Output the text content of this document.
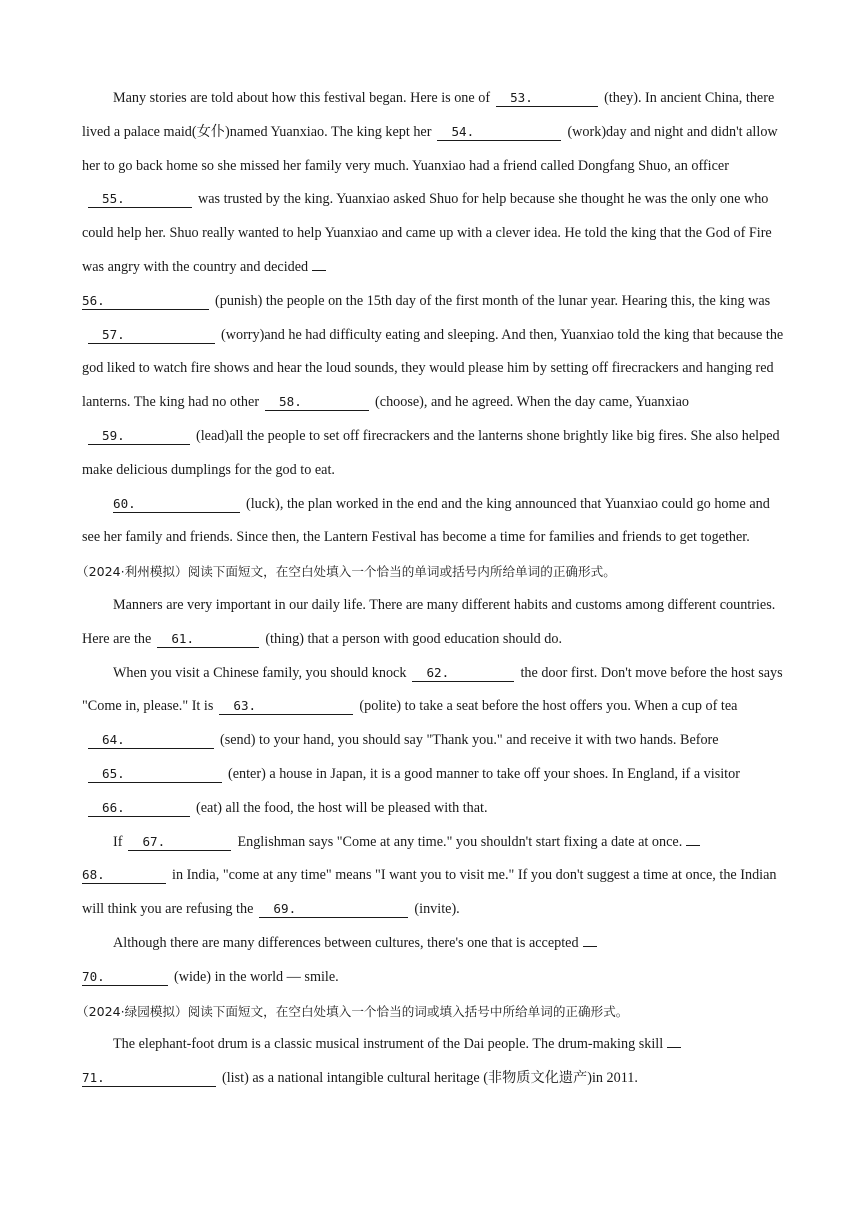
Many stories are told about how this festival began. Here is one of 53.	(they). In ancient China, there lived a palace maid(女仆)named Yuanxiao. The king kept her 54.	(work)day and night and didn't allow her to go back home so she missed her family very much. Yuanxiao had a friend called Dongfang Shuo, an officer55.	was trusted by the king. Yuanxiao asked Shuo for help because she thought he was the only one who could help her. Shuo really wanted to help Yuanxiao and came up with a clever idea. He told the king that the God of Fire was angry with the country and decided
56.	(punish) the people on the 15th day of the first month of the lunar year. Hearing this, the king was57.	(worry)and he had difficulty eating and sleeping. And then, Yuanxiao told the king that because the god liked to watch fire shows and hear the loud sounds, they would please him by setting off firecrackers and hanging red lanterns. The king had no other 58.	(choose), and he agreed. When the day came, Yuanxiao59.	(lead)all the people to set off firecrackers and the lanterns shone brightly like big fires. She also helped make delicious dumplings for the god to eat.

60.	(luck), the plan worked in the end and the king announced that Yuanxiao could go home and see her family and friends. Since then, the Lantern Festival has become a time for families and friends to get together.

（2024·利州模拟）阅读下面短文，在空白处填入一个恰当的单词或括号内所给单词的正确形式。

Manners are very important in our daily life. There are many different habits and customs among different countries. Here are the 61.	(thing) that a person with good education should do.

When you visit a Chinese family, you should knock 62.	the door first. Don't move before the host says "Come in, please." It is 63.	(polite) to take a seat before the host offers you. When a cup of tea64.	(send) to your hand, you should say "Thank you." and receive it with two hands. Before65.	(enter) a house in Japan, it is a good manner to take off your shoes. In England, if a visitor66.	(eat) all the food, the host will be pleased with that.

If 67.	Englishman says "Come at any time." you shouldn't start fixing a date at once.
68.	in India, "come at any time" means "I want you to visit me." If you don't suggest a time at once, the Indian will think you are refusing the 69.	(invite).

Although there are many differences between cultures, there's one that is accepted
70.	(wide) in the world — smile.

（2024·绿园模拟）阅读下面短文，在空白处填入一个恰当的词或填入括号中所给单词的正确形式。

The elephant-foot drum is a classic musical instrument of the Dai people. The drum-making skill
71.	(list) as a national intangible cultural heritage (非物质文化遗产)in 2011.
